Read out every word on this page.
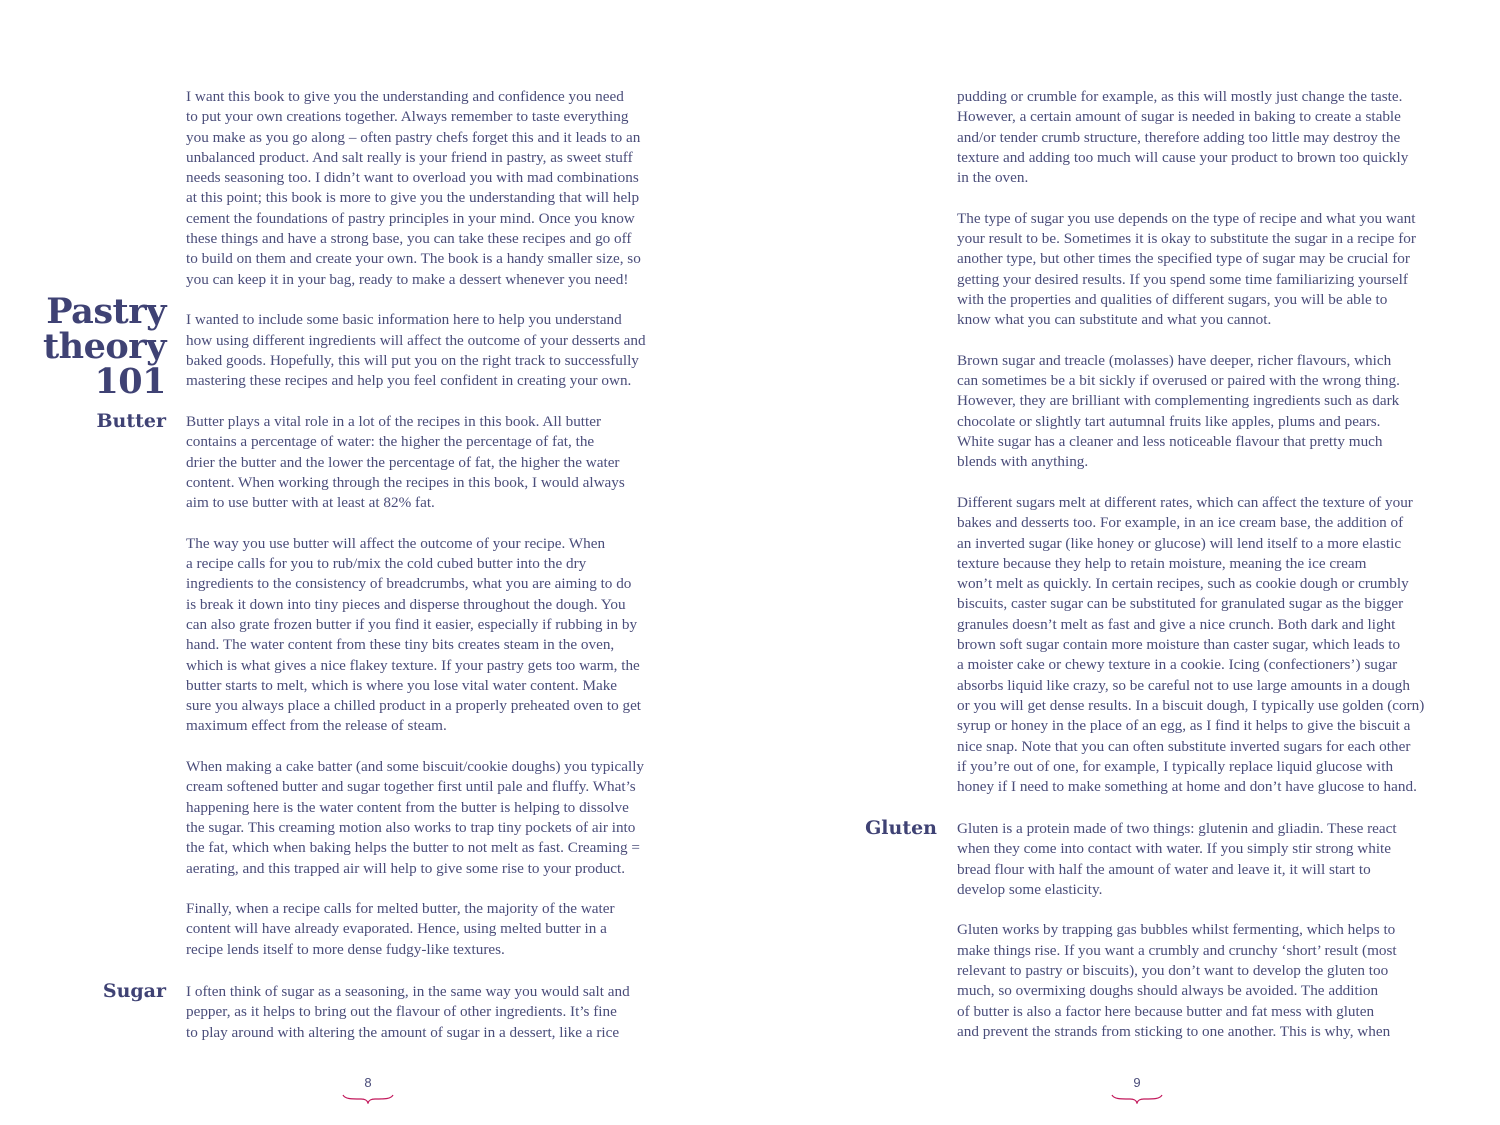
Pastry
theory
101
Butter
Sugar
I want this book to give you the understanding and confidence you need
to put your own creations together. Always remember to taste everything
you make as you go along – often pastry chefs forget this and it leads to an
unbalanced product. And salt really is your friend in pastry, as sweet stuff
needs seasoning too. I didn’t want to overload you with mad combinations
at this point; this book is more to give you the understanding that will help
cement the foundations of pastry principles in your mind. Once you know
these things and have a strong base, you can take these recipes and go off
to build on them and create your own. The book is a handy smaller size, so
you can keep it in your bag, ready to make a dessert whenever you need!
I wanted to include some basic information here to help you understand
how using different ingredients will affect the outcome of your desserts and
baked goods. Hopefully, this will put you on the right track to successfully
mastering these recipes and help you feel confident in creating your own.
Butter plays a vital role in a lot of the recipes in this book. All butter
contains a percentage of water: the higher the percentage of fat, the
drier the butter and the lower the percentage of fat, the higher the water
content. When working through the recipes in this book, I would always
aim to use butter with at least at 82% fat.
The way you use butter will affect the outcome of your recipe. When
a recipe calls for you to rub/mix the cold cubed butter into the dry
ingredients to the consistency of breadcrumbs, what you are aiming to do
is break it down into tiny pieces and disperse throughout the dough. You
can also grate frozen butter if you find it easier, especially if rubbing in by
hand. The water content from these tiny bits creates steam in the oven,
which is what gives a nice flakey texture. If your pastry gets too warm, the
butter starts to melt, which is where you lose vital water content. Make
sure you always place a chilled product in a properly preheated oven to get
maximum effect from the release of steam.
When making a cake batter (and some biscuit/cookie doughs) you typically
cream softened butter and sugar together first until pale and fluffy. What’s
happening here is the water content from the butter is helping to dissolve
the sugar. This creaming motion also works to trap tiny pockets of air into
the fat, which when baking helps the butter to not melt as fast. Creaming =
aerating, and this trapped air will help to give some rise to your product.
Finally, when a recipe calls for melted butter, the majority of the water
content will have already evaporated. Hence, using melted butter in a
recipe lends itself to more dense fudgy-like textures.
I often think of sugar as a seasoning, in the same way you would salt and
pepper, as it helps to bring out the flavour of other ingredients. It’s fine
to play around with altering the amount of sugar in a dessert, like a rice
8
Gluten
pudding or crumble for example, as this will mostly just change the taste.
However, a certain amount of sugar is needed in baking to create a stable
and/or tender crumb structure, therefore adding too little may destroy the
texture and adding too much will cause your product to brown too quickly
in the oven.
The type of sugar you use depends on the type of recipe and what you want
your result to be. Sometimes it is okay to substitute the sugar in a recipe for
another type, but other times the specified type of sugar may be crucial for
getting your desired results. If you spend some time familiarizing yourself
with the properties and qualities of different sugars, you will be able to
know what you can substitute and what you cannot.
Brown sugar and treacle (molasses) have deeper, richer flavours, which
can sometimes be a bit sickly if overused or paired with the wrong thing.
However, they are brilliant with complementing ingredients such as dark
chocolate or slightly tart autumnal fruits like apples, plums and pears.
White sugar has a cleaner and less noticeable flavour that pretty much
blends with anything.
Different sugars melt at different rates, which can affect the texture of your
bakes and desserts too. For example, in an ice cream base, the addition of
an inverted sugar (like honey or glucose) will lend itself to a more elastic
texture because they help to retain moisture, meaning the ice cream
won’t melt as quickly. In certain recipes, such as cookie dough or crumbly
biscuits, caster sugar can be substituted for granulated sugar as the bigger
granules doesn’t melt as fast and give a nice crunch. Both dark and light
brown soft sugar contain more moisture than caster sugar, which leads to
a moister cake or chewy texture in a cookie. Icing (confectioners’) sugar
absorbs liquid like crazy, so be careful not to use large amounts in a dough
or you will get dense results. In a biscuit dough, I typically use golden (corn)
syrup or honey in the place of an egg, as I find it helps to give the biscuit a
nice snap. Note that you can often substitute inverted sugars for each other
if you’re out of one, for example, I typically replace liquid glucose with
honey if I need to make something at home and don’t have glucose to hand.
Gluten is a protein made of two things: glutenin and gliadin. These react
when they come into contact with water. If you simply stir strong white
bread flour with half the amount of water and leave it, it will start to
develop some elasticity.
Gluten works by trapping gas bubbles whilst fermenting, which helps to
make things rise. If you want a crumbly and crunchy ‘short’ result (most
relevant to pastry or biscuits), you don’t want to develop the gluten too
much, so overmixing doughs should always be avoided. The addition
of butter is also a factor here because butter and fat mess with gluten
and prevent the strands from sticking to one another. This is why, when
9
